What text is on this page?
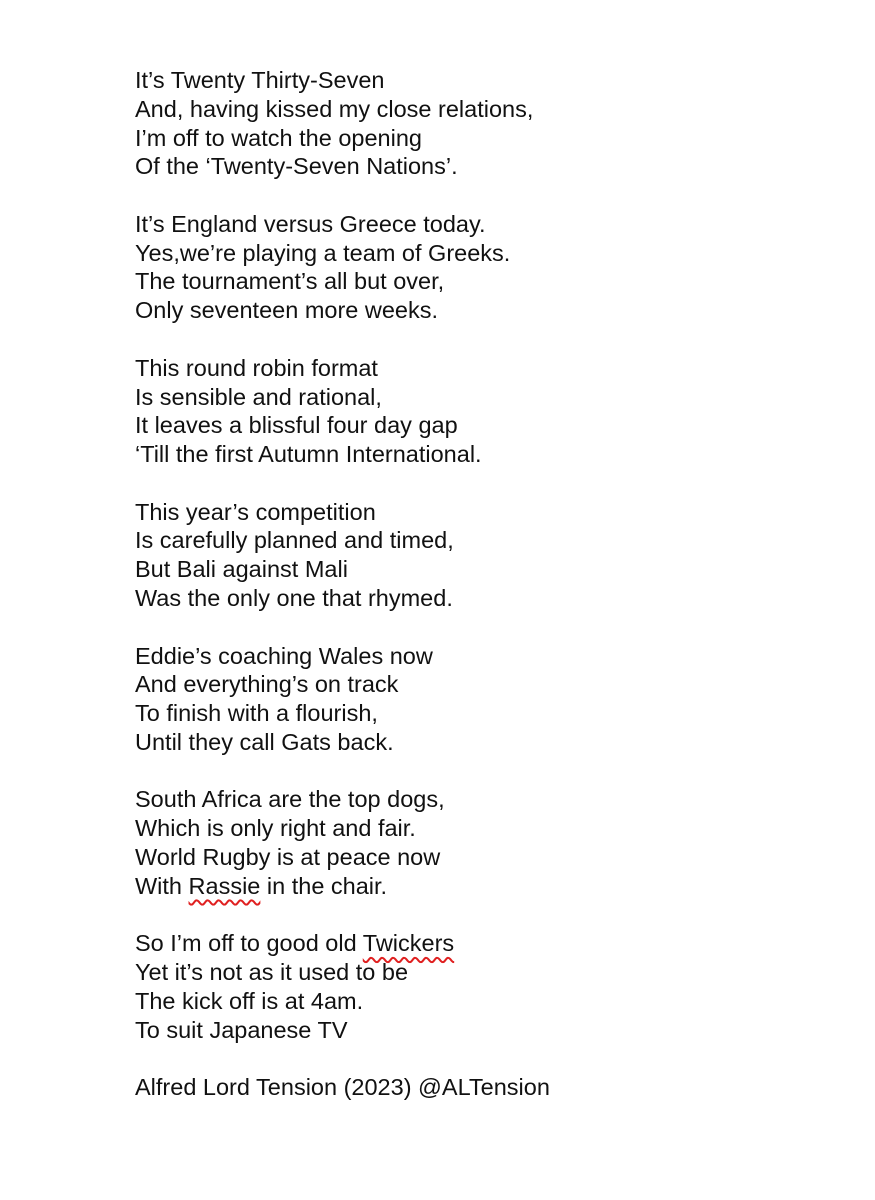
It’s Twenty Thirty-Seven
And, having kissed my close relations,
I’m off to watch the opening
Of the ‘Twenty-Seven Nations’.
It’s England versus Greece today.
Yes,we’re playing a team of Greeks.
The tournament’s all but over,
Only seventeen more weeks.
This round robin format
Is sensible and rational,
It leaves a blissful four day gap
‘Till the first Autumn International.
This year’s competition
Is carefully planned and timed,
But Bali against Mali
Was the only one that rhymed.
Eddie’s coaching Wales now
And everything’s on track
To finish with a flourish,
Until they call Gats back.
South Africa are the top dogs,
Which is only right and fair.
World Rugby is at peace now
With Rassie in the chair.
So I’m off to good old Twickers
Yet it’s not as it used to be
The kick off is at 4am.
To suit Japanese TV
Alfred Lord Tension (2023) @ALTension
